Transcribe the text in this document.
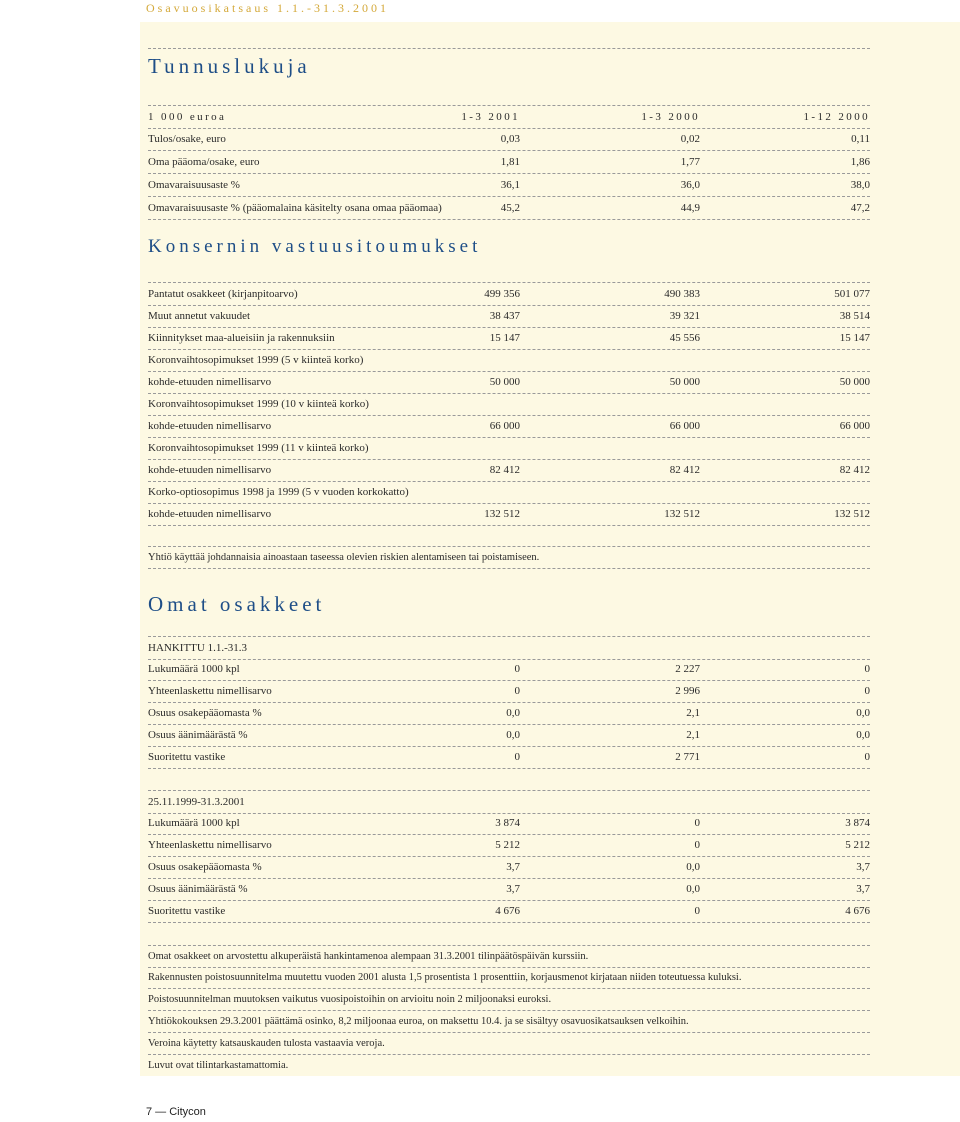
Osavuosikatsaus 1.1.-31.3.2001
Tunnuslukuja
1 000 euroa	1-3 2001	1-3 2000	1-12 2000
Tulos/osake, euro	0,03	0,02	0,11
Oma pääoma/osake, euro	1,81	1,77	1,86
Omavaraisuusaste %	36,1	36,0	38,0
Omavaraisuusaste % (pääomalaina käsitelty osana omaa pääomaa)	45,2	44,9	47,2
Konsernin vastuusitoumukset
Pantatut osakkeet (kirjanpitoarvo)	499 356	490 383	501 077
Muut annetut vakuudet	38 437	39 321	38 514
Kiinnitykset maa-alueisiin ja rakennuksiin	15 147	45 556	15 147
Koronvaihtosopimukset 1999 (5 v kiinteä korko)
kohde-etuuden nimellisarvo	50 000	50 000	50 000
Koronvaihtosopimukset 1999 (10 v kiinteä korko)
kohde-etuuden nimellisarvo	66 000	66 000	66 000
Koronvaihtosopimukset 1999 (11 v kiinteä korko)
kohde-etuuden nimellisarvo	82 412	82 412	82 412
Korko-optiosopimus 1998 ja 1999 (5 v vuoden korkokatto)
kohde-etuuden nimellisarvo	132 512	132 512	132 512
Yhtiö käyttää johdannaisia ainoastaan taseessa olevien riskien alentamiseen tai poistamiseen.
Omat osakkeet
HANKITTU 1.1.-31.3
Lukumäärä 1000 kpl	0	2 227	0
Yhteenlaskettu nimellisarvo	0	2 996	0
Osuus osakepääomasta %	0,0	2,1	0,0
Osuus äänimäärästä %	0,0	2,1	0,0
Suoritettu vastike	0	2 771	0
25.11.1999-31.3.2001
Lukumäärä 1000 kpl	3 874	0	3 874
Yhteenlaskettu nimellisarvo	5 212	0	5 212
Osuus osakepääomasta %	3,7	0,0	3,7
Osuus äänimäärästä %	3,7	0,0	3,7
Suoritettu vastike	4 676	0	4 676
Omat osakkeet on arvostettu alkuperäistä hankintamenoa alempaan 31.3.2001 tilinpäätöspäivän kurssiin.
Rakennusten poistosuunnitelma muutettu vuoden 2001 alusta 1,5 prosentista 1 prosenttiin, korjausmenot kirjataan niiden toteutuessa kuluksi.
Poistosuunnitelman muutoksen vaikutus vuosipoistoihin on arvioitu noin 2 miljoonaksi euroksi.
Yhtiökokouksen 29.3.2001 päättämä osinko, 8,2 miljoonaa euroa, on maksettu 10.4. ja se sisältyy osavuosikatsauksen velkoihin.
Veroina käytetty katsauskauden tulosta vastaavia veroja.
Luvut ovat tilintarkastamattomia.
7 — Citycon
